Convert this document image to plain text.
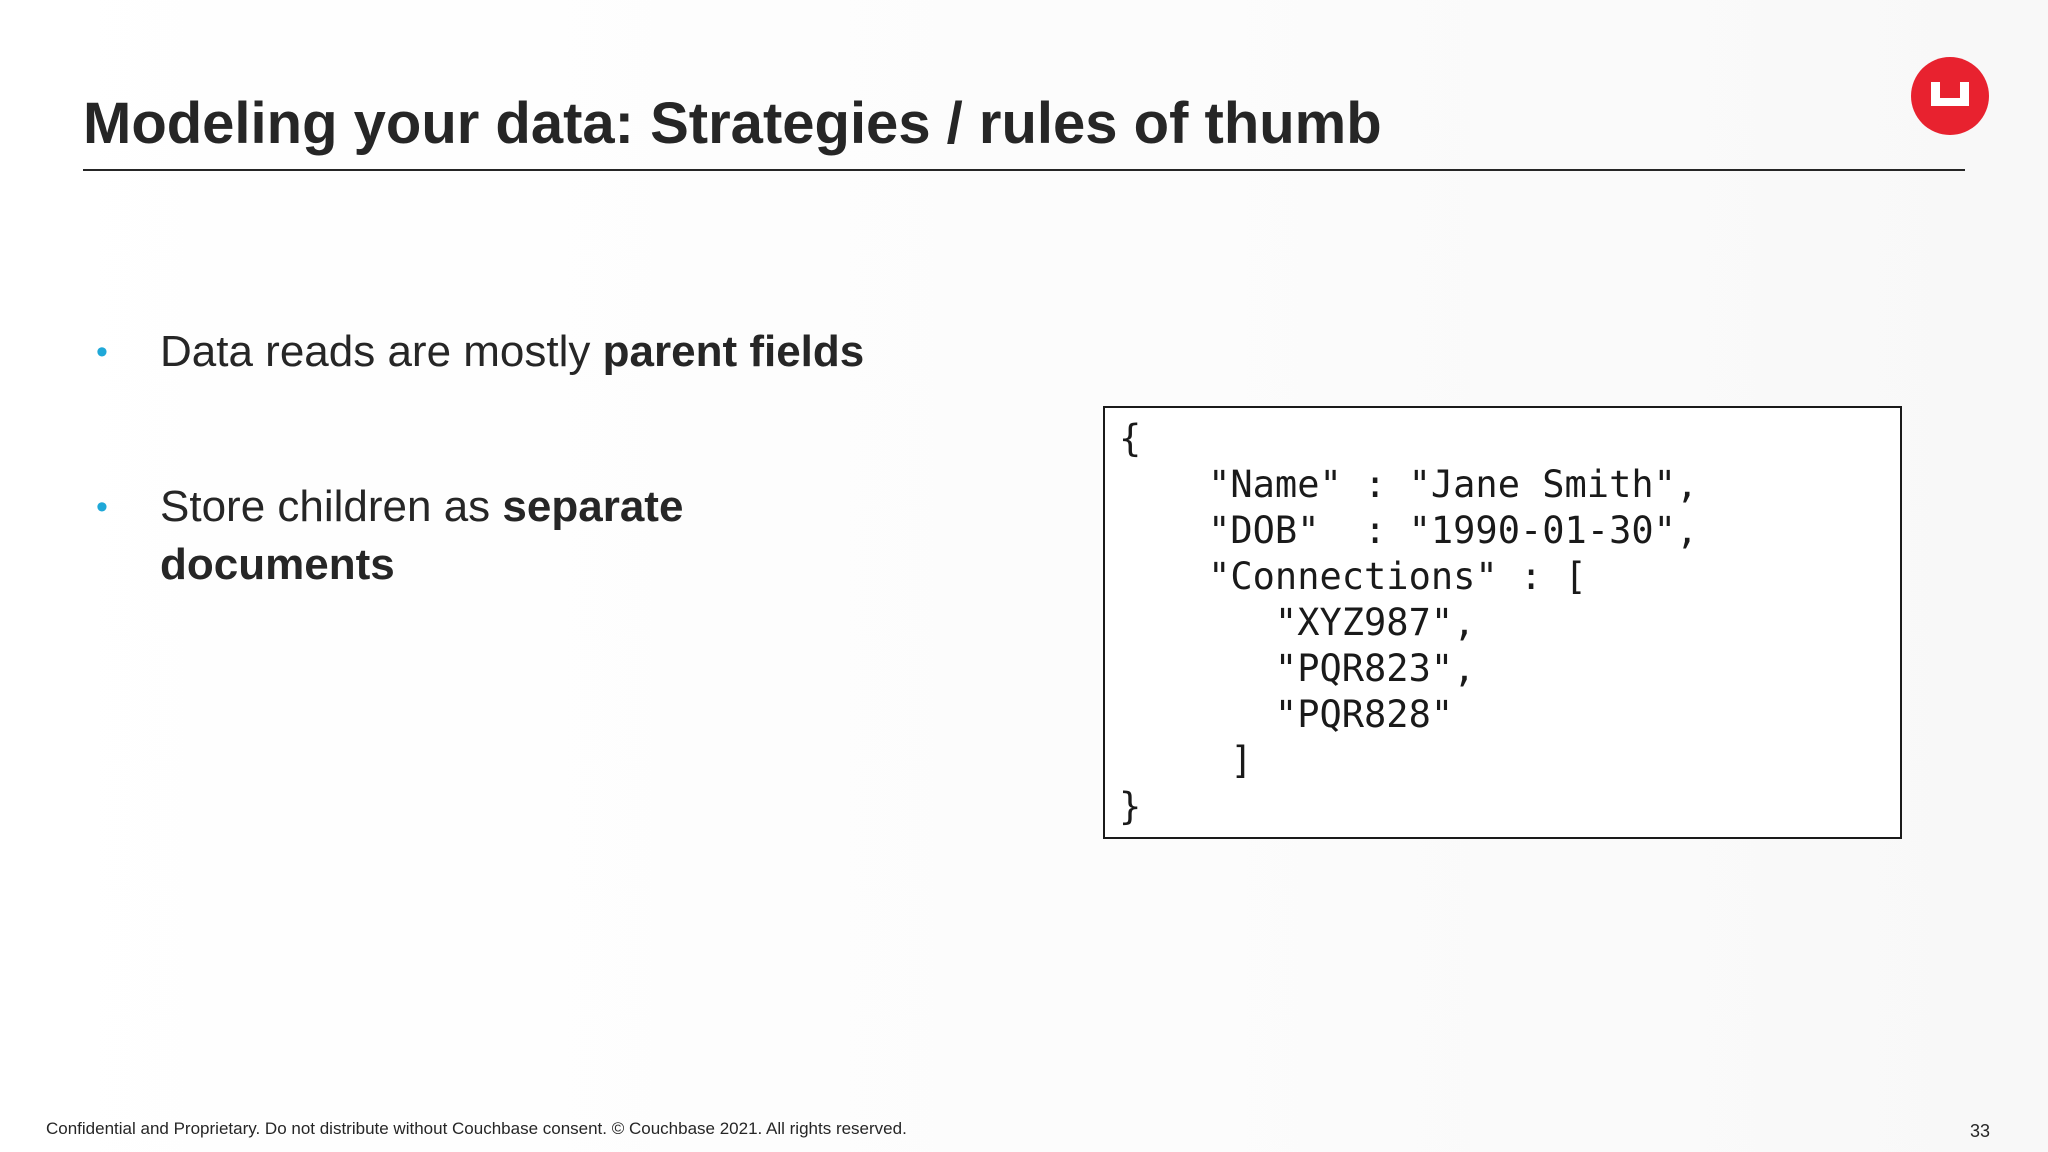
Modeling your data: Strategies / rules of thumb
•	Data reads are mostly parent fields
•	Store children as separate documents
{
"Name" : "Jane Smith",
"DOB"  : "1990-01-30",
"Connections" : [
"XYZ987",
"PQR823",
"PQR828"
]
}
Confidential and Proprietary. Do not distribute without Couchbase consent. © Couchbase 2021. All rights reserved.	33
